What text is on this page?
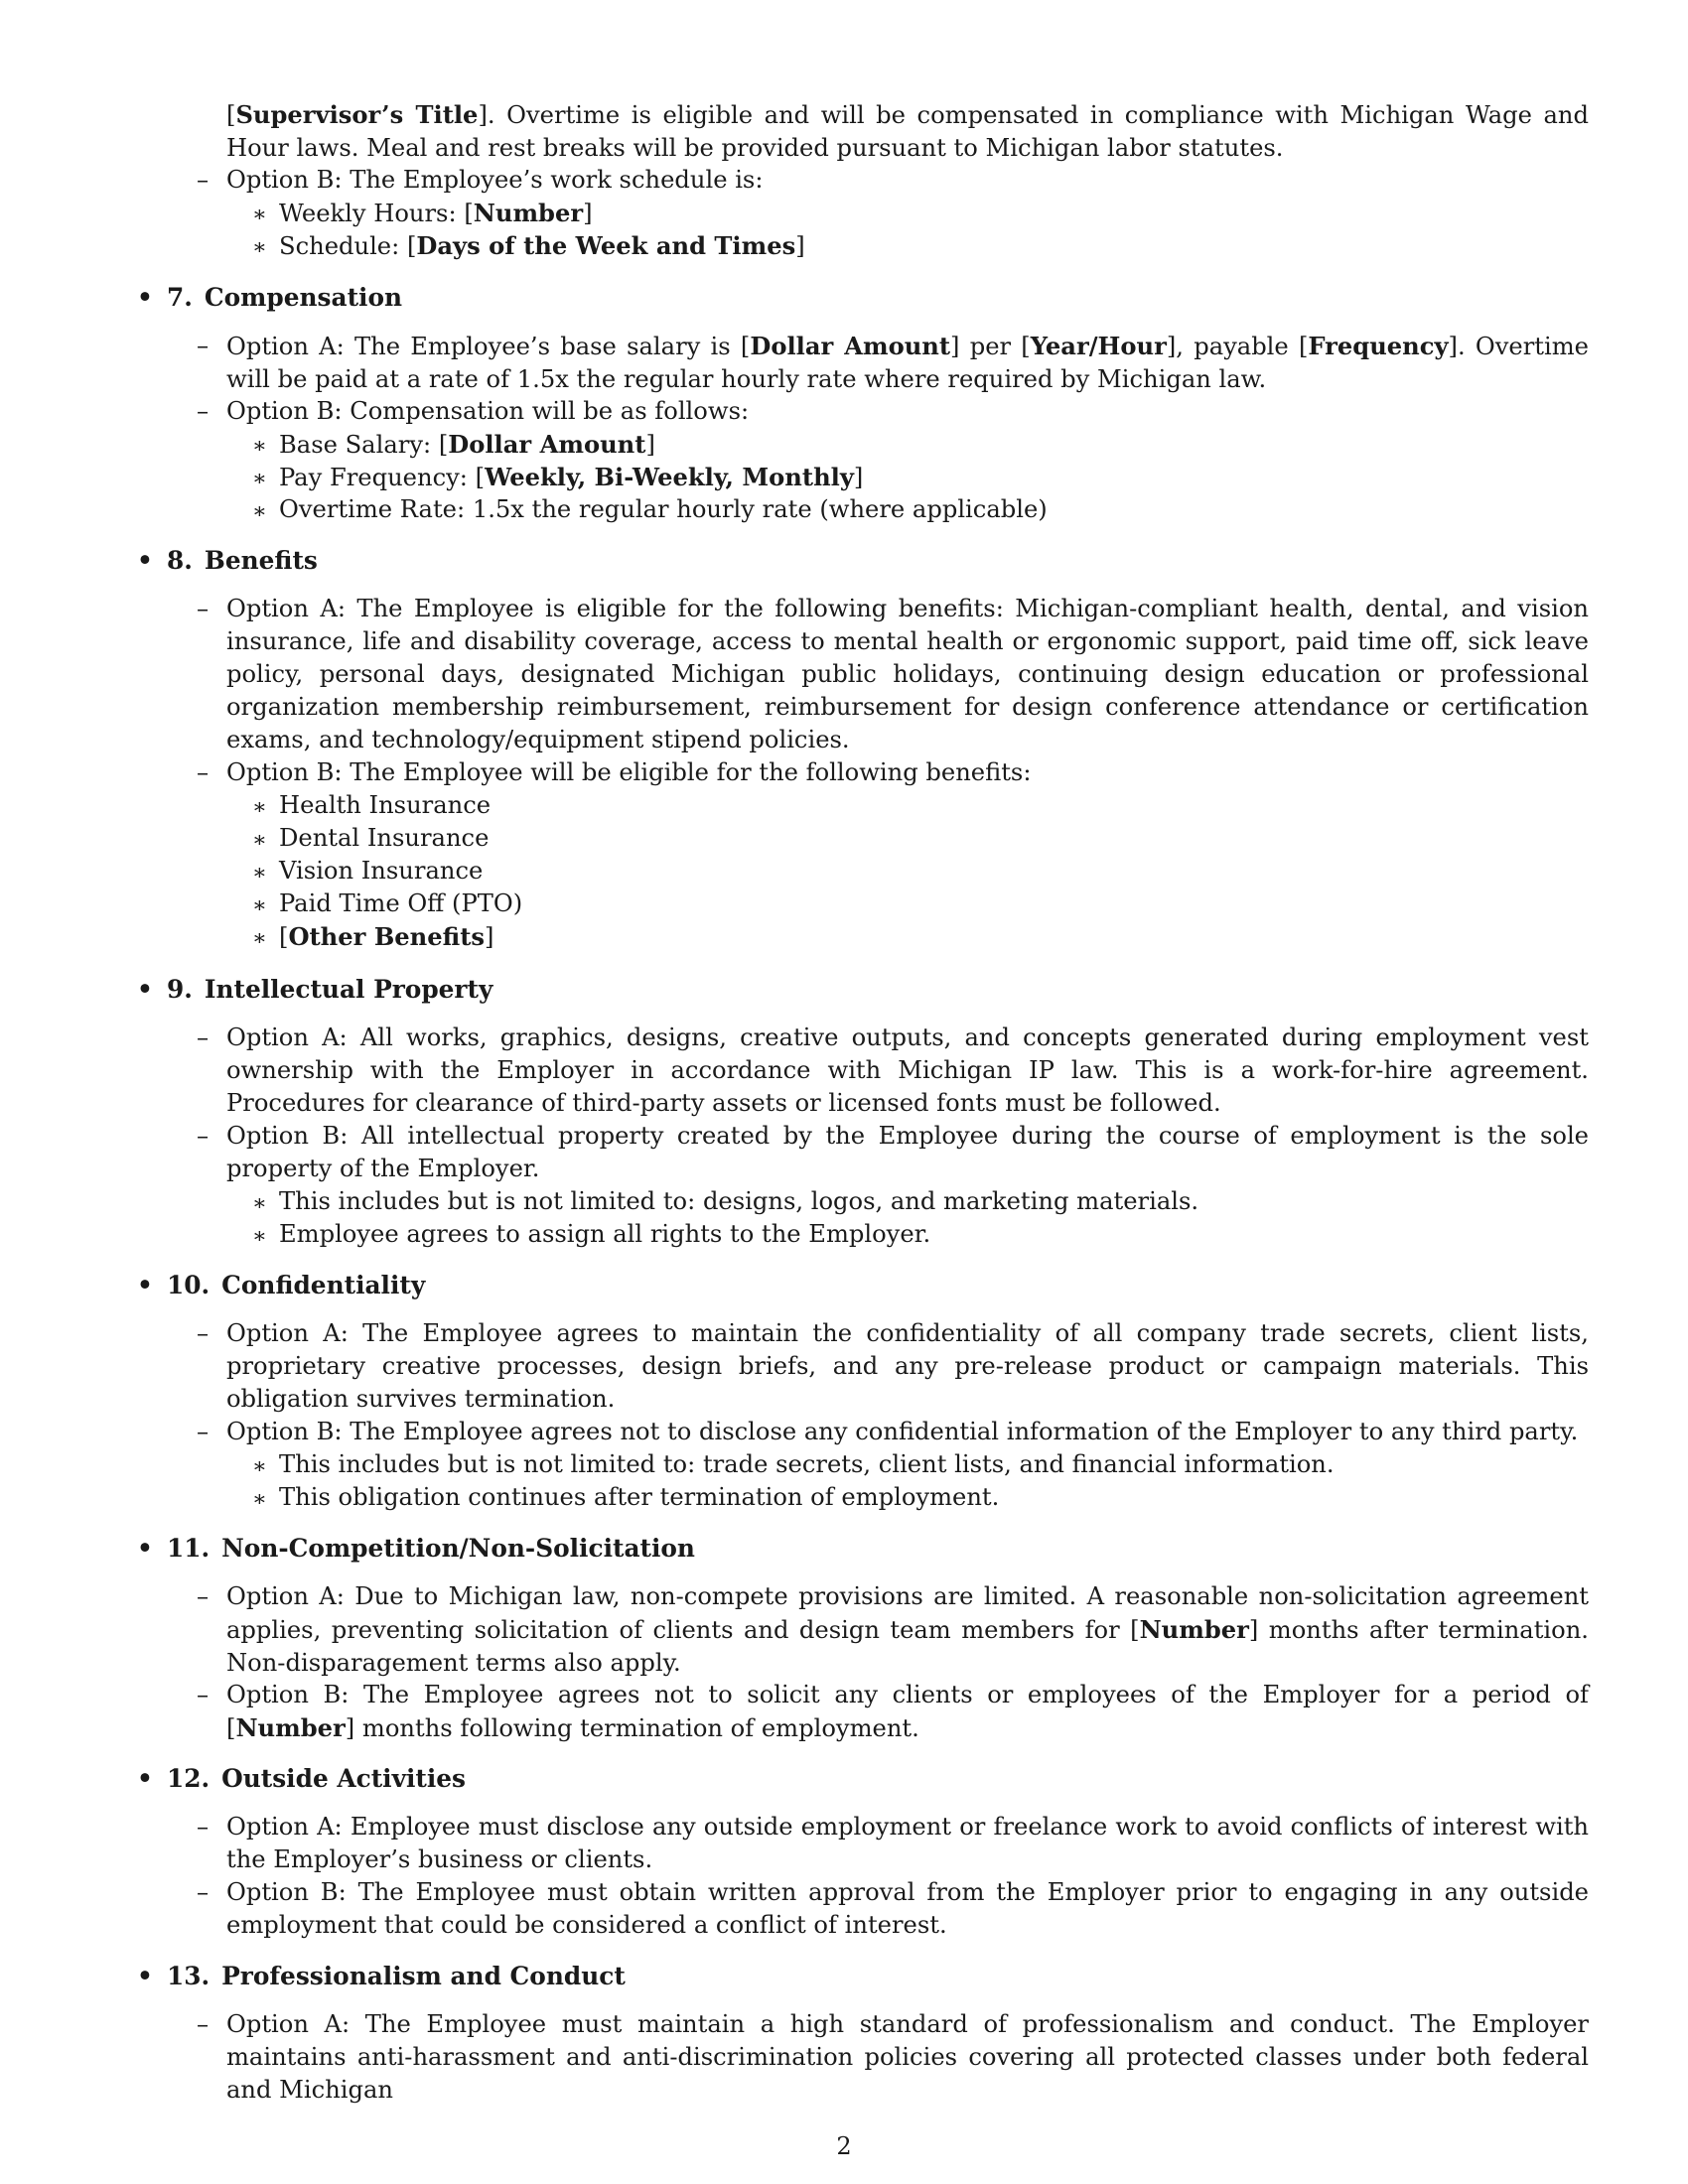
[Supervisor’s Title]. Overtime is eligible and will be compensated in compliance with Michigan Wage and Hour laws. Meal and rest breaks will be provided pursuant to Michigan labor statutes.
– Option B: The Employee’s work schedule is:
∗ Weekly Hours: [Number]
∗ Schedule: [Days of the Week and Times]
• 7. Compensation
– Option A: The Employee’s base salary is [Dollar Amount] per [Year/Hour], payable [Frequency]. Overtime will be paid at a rate of 1.5x the regular hourly rate where required by Michigan law.
– Option B: Compensation will be as follows:
∗ Base Salary: [Dollar Amount]
∗ Pay Frequency: [Weekly, Bi-Weekly, Monthly]
∗ Overtime Rate: 1.5x the regular hourly rate (where applicable)
• 8. Benefits
– Option A: The Employee is eligible for the following benefits: Michigan-compliant health, dental, and vision insurance, life and disability coverage, access to mental health or ergonomic support, paid time off, sick leave policy, personal days, designated Michigan public holidays, continuing design education or professional organization membership reimbursement, reimbursement for design conference attendance or certification exams, and technology/equipment stipend policies.
– Option B: The Employee will be eligible for the following benefits:
∗ Health Insurance
∗ Dental Insurance
∗ Vision Insurance
∗ Paid Time Off (PTO)
∗ [Other Benefits]
• 9. Intellectual Property
– Option A: All works, graphics, designs, creative outputs, and concepts generated during employment vest ownership with the Employer in accordance with Michigan IP law. This is a work-for-hire agreement. Procedures for clearance of third-party assets or licensed fonts must be followed.
– Option B: All intellectual property created by the Employee during the course of employment is the sole property of the Employer.
∗ This includes but is not limited to: designs, logos, and marketing materials.
∗ Employee agrees to assign all rights to the Employer.
• 10. Confidentiality
– Option A: The Employee agrees to maintain the confidentiality of all company trade secrets, client lists, proprietary creative processes, design briefs, and any pre-release product or campaign materials. This obligation survives termination.
– Option B: The Employee agrees not to disclose any confidential information of the Employer to any third party.
∗ This includes but is not limited to: trade secrets, client lists, and financial information.
∗ This obligation continues after termination of employment.
• 11. Non-Competition/Non-Solicitation
– Option A: Due to Michigan law, non-compete provisions are limited. A reasonable non-solicitation agreement applies, preventing solicitation of clients and design team members for [Number] months after termination. Non-disparagement terms also apply.
– Option B: The Employee agrees not to solicit any clients or employees of the Employer for a period of [Number] months following termination of employment.
• 12. Outside Activities
– Option A: Employee must disclose any outside employment or freelance work to avoid conflicts of interest with the Employer’s business or clients.
– Option B: The Employee must obtain written approval from the Employer prior to engaging in any outside employment that could be considered a conflict of interest.
• 13. Professionalism and Conduct
– Option A: The Employee must maintain a high standard of professionalism and conduct. The Employer maintains anti-harassment and anti-discrimination policies covering all protected classes under both federal and Michigan
2
